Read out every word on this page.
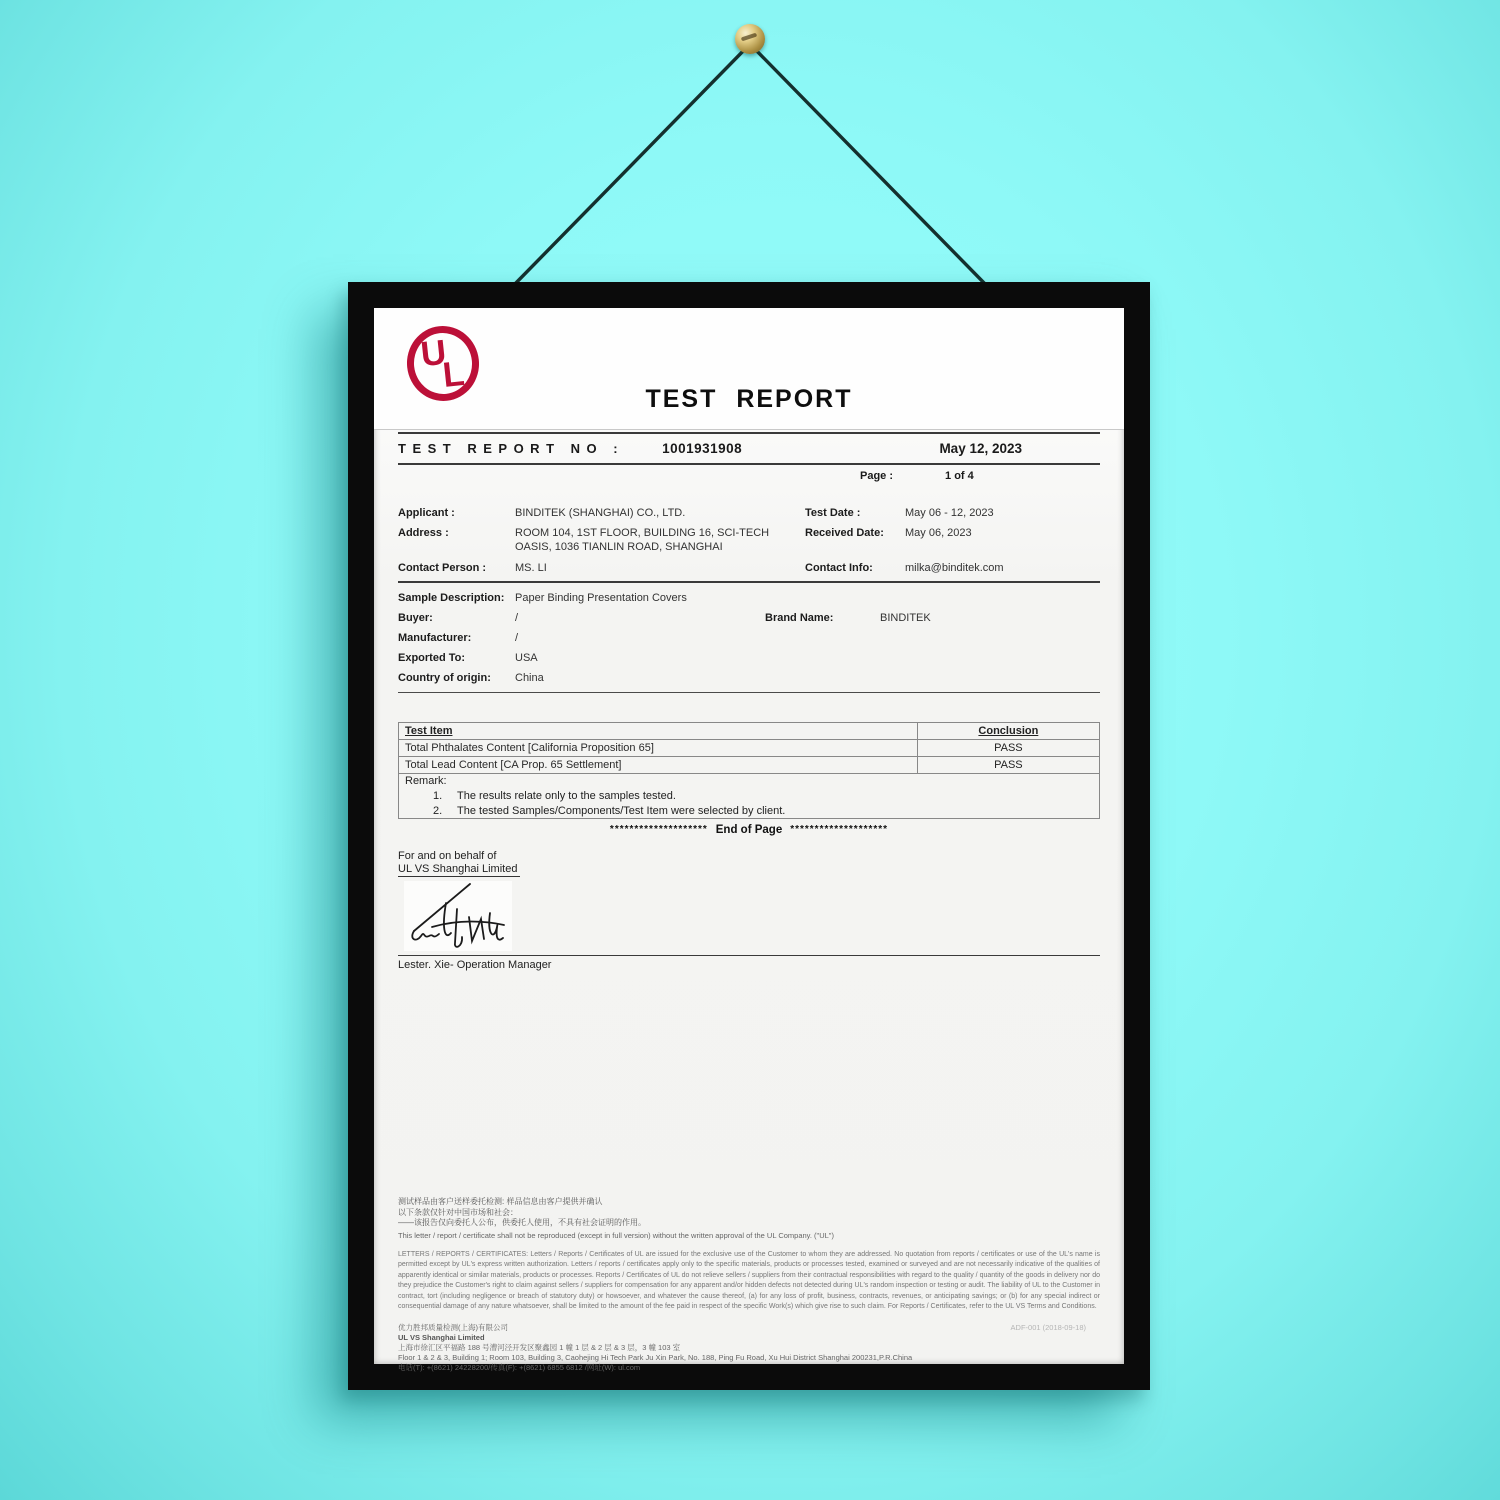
U
L
TEST REPORT
TEST REPORT NO :	1001931908	May 12, 2023
Page :	1 of 4
Applicant :	BINDITEK (SHANGHAI) CO., LTD.	Test Date :	May 06 - 12, 2023
Address :	ROOM 104, 1ST FLOOR, BUILDING 16, SCI-TECH OASIS, 1036 TIANLIN ROAD, SHANGHAI
Received Date:	May 06, 2023
Contact Person :	MS. LI	Contact Info:	milka@binditek.com
Sample Description: Paper Binding Presentation Covers
Buyer:	/	Brand Name:	BINDITEK
Manufacturer:	/
Exported To:	USA
Country of origin:	China
Test Item	Conclusion
Total Phthalates Content [California Proposition 65]	PASS
Total Lead Content [CA Prop. 65 Settlement]	PASS

Remark:
1. The results relate only to the samples tested.
2. The tested Samples/Components/Test Item were selected by client.	
******************** End of Page ********************
For and on behalf of
UL VS Shanghai Limited
Lester. Xie- Operation Manager
测试样品由客户送样委托检测: 样品信息由客户提供并确认
以下条款仅针对中国市场和社会：
——该报告仅向委托人公布，供委托人使用，不具有社会证明的作用。
This letter / report / certificate shall not be reproduced (except in full version) without the written approval of the UL Company. ("UL")
LETTERS / REPORTS / CERTIFICATES: Letters / Reports / Certificates of UL are issued for the exclusive use of the Customer to whom they are addressed. No quotation from reports / certificates or use of the UL's name is permitted except by UL's express written authorization. Letters / reports / certificates apply only to the specific materials, products or processes tested, examined or surveyed and are not necessarily indicative of the qualities of apparently identical or similar materials, products or processes. Reports / Certificates of UL do not relieve sellers / suppliers from their contractual responsibilities with regard to the quality / quantity of the goods in delivery nor do they prejudice the Customer's right to claim against sellers / suppliers for compensation for any apparent and/or hidden defects not detected during UL's random inspection or testing or audit. The liability of UL to the Customer in contract, tort (including negligence or breach of statutory duty) or howsoever, and whatever the cause thereof, (a) for any loss of profit, business, contracts, revenues, or anticipating savings; or (b) for any special indirect or consequential damage of any nature whatsoever, shall be limited to the amount of the fee paid in respect of the specific Work(s) which give rise to such claim. For Reports / Certificates, refer to the UL VS Terms and Conditions.
优力胜邦质量检测(上海)有限公司
UL VS Shanghai Limited
上海市徐汇区平福路 188 号漕河泾开发区聚鑫园 1 幢 1 层 & 2 层 & 3 层，3 幢 103 室
Floor 1 & 2 & 3, Building 1; Room 103, Building 3, Caohejing Hi Tech Park Ju Xin Park, No. 188, Ping Fu Road, Xu Hui District Shanghai 200231,P.R.China
电话(T): +(8621) 24228200/传真(F): +(8621) 6855 6812 /网址(W): ul.com
ADF-001 (2018-09-18)
